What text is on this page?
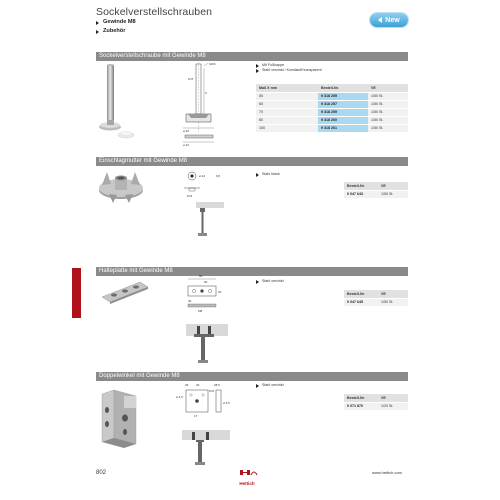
Sockelverstellschrauben
Gewinde M8
Zubehör
New
Sockelverstellschraube mit Gewinde M8
SW4
M 8
X
ø 30
ø 32
Mit Fußkappe
Stahl verzinkt / Kunststoff transparent
Maß X mm	Bestell-Nr.	VE
50	9 318 255	1/50 St.
60	9 318 257	1/50 St.
70	9 318 259	1/50 St.
80	9 318 260	1/50 St.
100	9 318 261	1/50 St.
Einschlagmutter mit Gewinde M8
ø 22	9,5
M 8
Stahl blank
Bestell-Nr.	VE
0 047 643	1/50 St.
Halteplatte mit Gewinde M8
80
30
20
30
M8
Stahl verzinkt
Bestell-Nr.	VE
0 047 645	1/50 St.
Doppelwinkel mit Gewinde M8
26	33
ø 4,5
M 8
28,5
ø 5,5
17
Stahl verzinkt
Bestell-Nr.	VE
0 071 870	1/20 St.
802
Hettich
www.hettich.com
